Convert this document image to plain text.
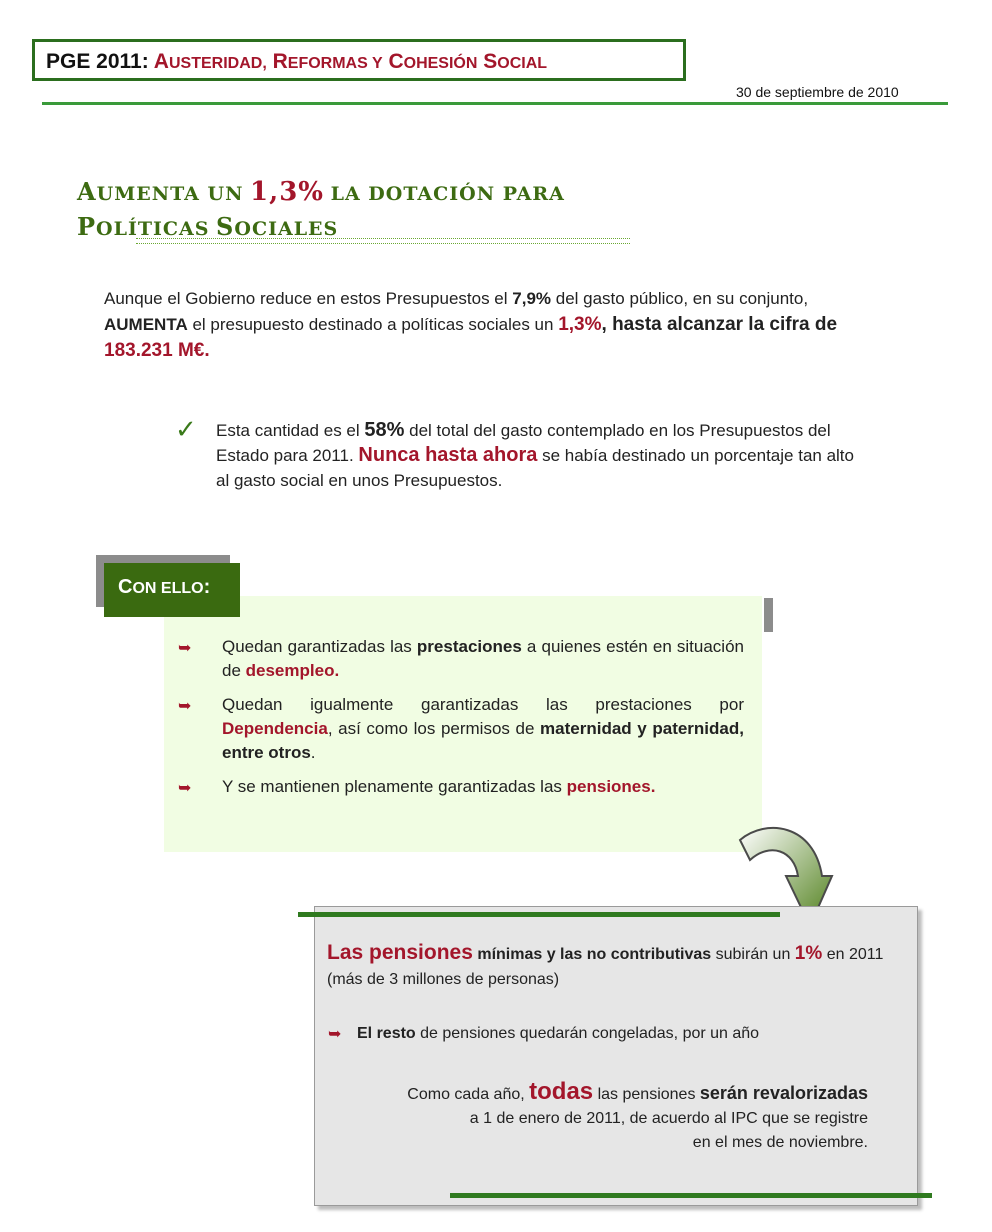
PGE 2011: AUSTERIDAD, REFORMAS Y COHESIÓN SOCIAL
30 de septiembre de 2010
AUMENTA UN 1,3% LA DOTACIÓN PARA
POLÍTICAS SOCIALES
Aunque el Gobierno reduce en estos Presupuestos el 7,9% del gasto público, en su conjunto, AUMENTA el presupuesto destinado a políticas sociales un 1,3%, hasta alcanzar la cifra de 183.231 M€.
✓ Esta cantidad es el 58% del total del gasto contemplado en los Presupuestos del Estado para 2011. Nunca hasta ahora se había destinado un porcentaje tan alto al gasto social en unos Presupuestos.
CON ELLO:
➥ Quedan garantizadas las prestaciones a quienes estén en situación de desempleo.
➥ Quedan igualmente garantizadas las prestaciones por Dependencia, así como los permisos de maternidad y paternidad, entre otros.
➥ Y se mantienen plenamente garantizadas las pensiones.
Las pensiones mínimas y las no contributivas subirán un 1% en 2011 (más de 3 millones de personas)
➥ El resto de pensiones quedarán congeladas, por un año
Como cada año, todas las pensiones serán revalorizadas
a 1 de enero de 2011, de acuerdo al IPC que se registre
en el mes de noviembre.
